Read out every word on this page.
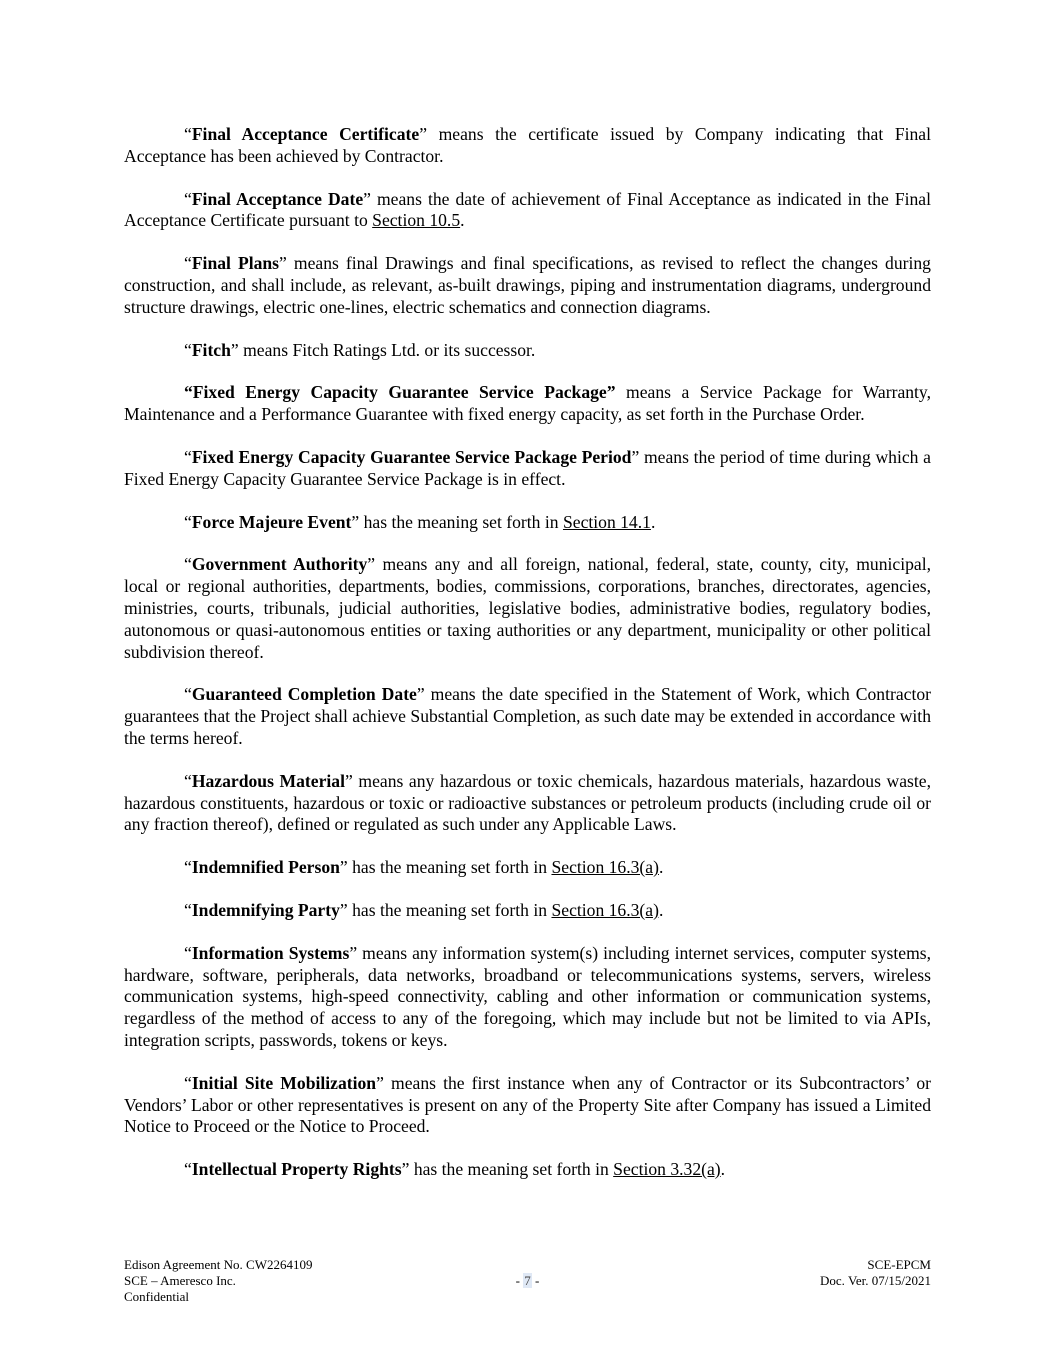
“Final Acceptance Certificate” means the certificate issued by Company indicating that Final Acceptance has been achieved by Contractor.

“Final Acceptance Date” means the date of achievement of Final Acceptance as indicated in the Final Acceptance Certificate pursuant to Section 10.5.

“Final Plans” means final Drawings and final specifications, as revised to reflect the changes during construction, and shall include, as relevant, as-built drawings, piping and instrumentation diagrams, underground structure drawings, electric one-lines, electric schematics and connection diagrams.

“Fitch” means Fitch Ratings Ltd. or its successor.

“Fixed Energy Capacity Guarantee Service Package” means a Service Package for Warranty, Maintenance and a Performance Guarantee with fixed energy capacity, as set forth in the Purchase Order.

“Fixed Energy Capacity Guarantee Service Package Period” means the period of time during which a Fixed Energy Capacity Guarantee Service Package is in effect.

“Force Majeure Event” has the meaning set forth in Section 14.1.

“Government Authority” means any and all foreign, national, federal, state, county, city, municipal, local or regional authorities, departments, bodies, commissions, corporations, branches, directorates, agencies, ministries, courts, tribunals, judicial authorities, legislative bodies, administrative bodies, regulatory bodies, autonomous or quasi-autonomous entities or taxing authorities or any department, municipality or other political subdivision thereof.

“Guaranteed Completion Date” means the date specified in the Statement of Work, which Contractor guarantees that the Project shall achieve Substantial Completion, as such date may be extended in accordance with the terms hereof.

“Hazardous Material” means any hazardous or toxic chemicals, hazardous materials, hazardous waste, hazardous constituents, hazardous or toxic or radioactive substances or petroleum products (including crude oil or any fraction thereof), defined or regulated as such under any Applicable Laws.

“Indemnified Person” has the meaning set forth in Section 16.3(a).

“Indemnifying Party” has the meaning set forth in Section 16.3(a).

“Information Systems” means any information system(s) including internet services, computer systems, hardware, software, peripherals, data networks, broadband or telecommunications systems, servers, wireless communication systems, high-speed connectivity, cabling and other information or communication systems, regardless of the method of access to any of the foregoing, which may include but not be limited to via APIs, integration scripts, passwords, tokens or keys.

“Initial Site Mobilization” means the first instance when any of Contractor or its Subcontractors’ or Vendors’ Labor or other representatives is present on any of the Property Site after Company has issued a Limited Notice to Proceed or the Notice to Proceed.

“Intellectual Property Rights” has the meaning set forth in Section 3.32(a).

Edison Agreement No. CW2264109
SCE – Ameresco Inc.
Confidential
- 7 -
SCE-EPCM
Doc. Ver. 07/15/2021
